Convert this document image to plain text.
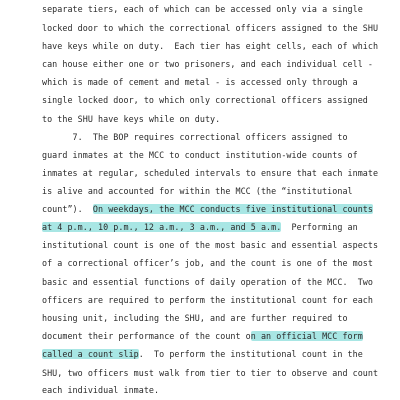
separate tiers, each of which can be accessed only via a single
locked door to which the correctional officers assigned to the SHU
have keys while on duty.  Each tier has eight cells, each of which
can house either one or two prisoners, and each individual cell -
which is made of cement and metal - is accessed only through a
single locked door, to which only correctional officers assigned
to the SHU have keys while on duty.
7.  The BOP requires correctional officers assigned to
guard inmates at the MCC to conduct institution-wide counts of
inmates at regular, scheduled intervals to ensure that each inmate
is alive and accounted for within the MCC (the “institutional
count”).  On weekdays, the MCC conducts five institutional counts
at 4 p.m., 10 p.m., 12 a.m., 3 a.m., and 5 a.m.  Performing an
institutional count is one of the most basic and essential aspects
of a correctional officer’s job, and the count is one of the most
basic and essential functions of daily operation of the MCC.  Two
officers are required to perform the institutional count for each
housing unit, including the SHU, and are further required to
document their performance of the count on an official MCC form
called a count slip.  To perform the institutional count in the
SHU, two officers must walk from tier to tier to observe and count
each individual inmate.
